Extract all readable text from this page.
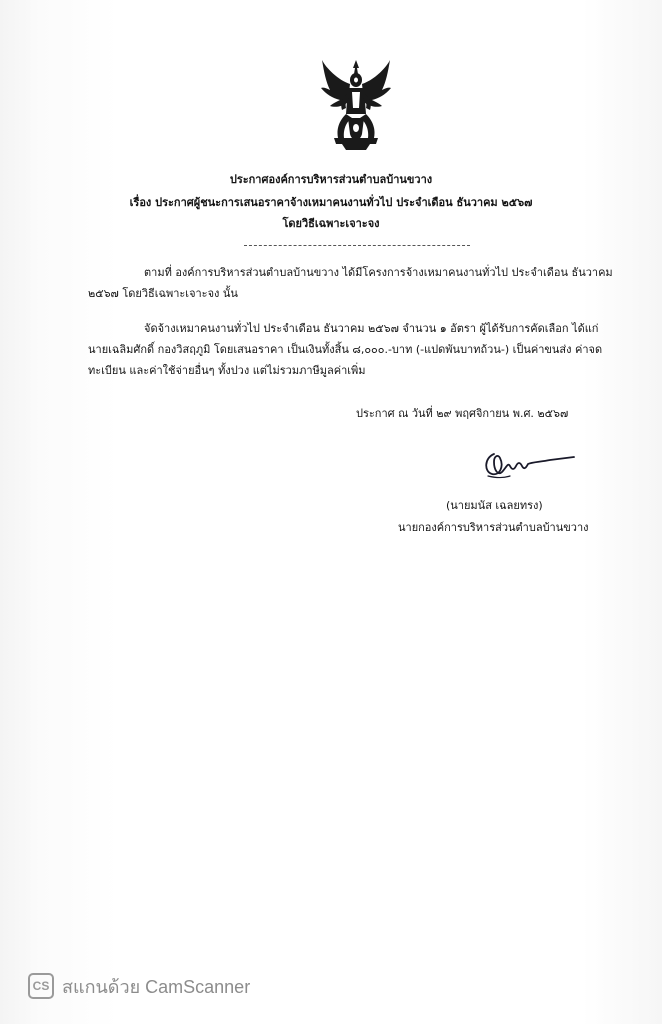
ประกาศองค์การบริหารส่วนตำบลบ้านขวาง
เรื่อง ประกาศผู้ชนะการเสนอราคาจ้างเหมาคนงานทั่วไป ประจำเดือน ธันวาคม ๒๕๖๗
โดยวิธีเฉพาะเจาะจง
ตามที่ องค์การบริหารส่วนตำบลบ้านขวาง ได้มีโครงการจ้างเหมาคนงานทั่วไป ประจำเดือน ธันวาคม
๒๕๖๗ โดยวิธีเฉพาะเจาะจง นั้น
จัดจ้างเหมาคนงานทั่วไป ประจำเดือน ธันวาคม ๒๕๖๗ จำนวน ๑ อัตรา ผู้ได้รับการคัดเลือก ได้แก่
นายเฉลิมศักดิ์ กองวิสฤภูมิ โดยเสนอราคา เป็นเงินทั้งสิ้น ๘,๐๐๐.-บาท (-แปดพันบาทถ้วน-) เป็นค่าขนส่ง ค่าจด
ทะเบียน และค่าใช้จ่ายอื่นๆ ทั้งปวง แต่ไม่รวมภาษีมูลค่าเพิ่ม
ประกาศ ณ วันที่ ๒๙ พฤศจิกายน พ.ศ. ๒๕๖๗
(นายมนัส เฉลยทรง)
นายกองค์การบริหารส่วนตำบลบ้านขวาง
CS สแกนด้วย CamScanner
